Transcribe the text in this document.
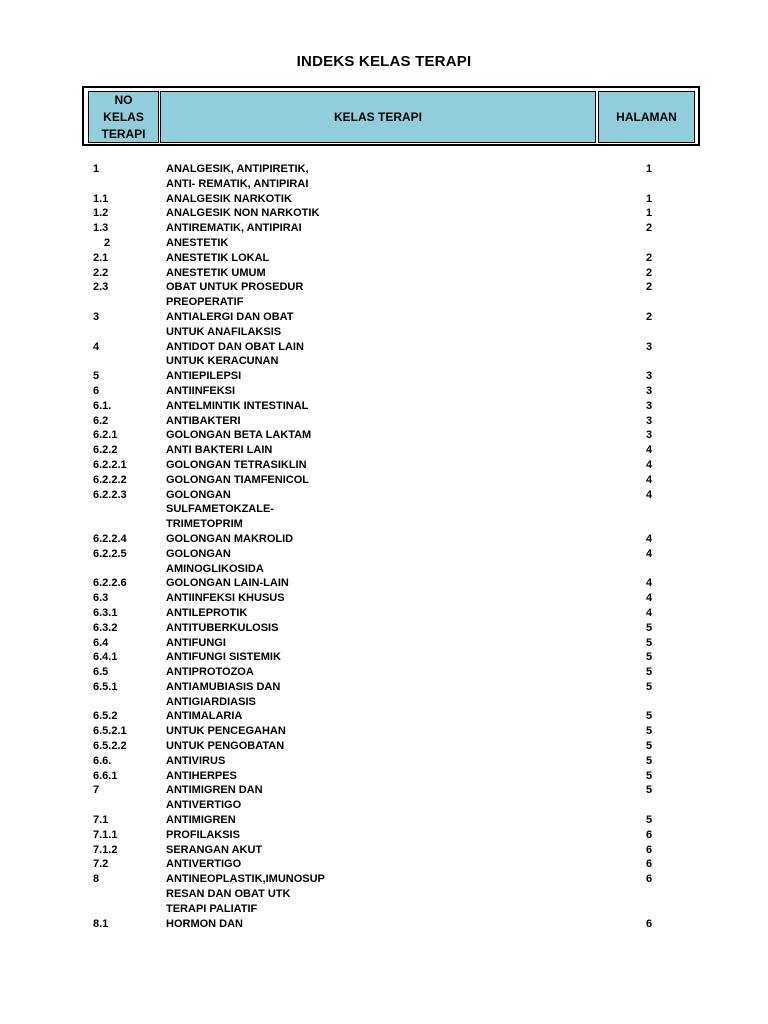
INDEKS KELAS TERAPI
NO
KELAS
TERAPI
KELAS TERAPI	HALAMAN
1	ANALGESIK, ANTIPIRETIK,	1
ANTI- REMATIK, ANTIPIRAI
1.1	ANALGESIK NARKOTIK	1
1.2	ANALGESIK NON NARKOTIK	1
1.3	ANTIREMATIK, ANTIPIRAI	2
2	ANESTETIK
2.1	ANESTETIK LOKAL	2
2.2	ANESTETIK UMUM	2
2.3	OBAT UNTUK PROSEDUR	2
PREOPERATIF
3	ANTIALERGI DAN OBAT	2
UNTUK ANAFILAKSIS
4	ANTIDOT DAN OBAT LAIN	3
UNTUK KERACUNAN
5	ANTIEPILEPSI	3
6	ANTIINFEKSI	3
6.1.	ANTELMINTIK INTESTINAL	3
6.2	ANTIBAKTERI	3
6.2.1	GOLONGAN BETA LAKTAM	3
6.2.2	ANTI BAKTERI LAIN	4
6.2.2.1	GOLONGAN TETRASIKLIN	4
6.2.2.2	GOLONGAN TIAMFENICOL	4
6.2.2.3	GOLONGAN	4
SULFAMETOKZALE-
TRIMETOPRIM
6.2.2.4	GOLONGAN MAKROLID	4
6.2.2.5	GOLONGAN	4
AMINOGLIKOSIDA
6.2.2.6	GOLONGAN LAIN-LAIN	4
6.3	ANTIINFEKSI KHUSUS	4
6.3.1	ANTILEPROTIK	4
6.3.2	ANTITUBERKULOSIS	5
6.4	ANTIFUNGI	5
6.4.1	ANTIFUNGI SISTEMIK	5
6.5	ANTIPROTOZOA	5
6.5.1	ANTIAMUBIASIS DAN	5
ANTIGIARDIASIS
6.5.2	ANTIMALARIA	5
6.5.2.1	UNTUK PENCEGAHAN	5
6.5.2.2	UNTUK PENGOBATAN	5
6.6.	ANTIVIRUS	5
6.6.1	ANTIHERPES	5
7	ANTIMIGREN DAN	5
ANTIVERTIGO
7.1	ANTIMIGREN	5
7.1.1	PROFILAKSIS	6
7.1.2	SERANGAN AKUT	6
7.2	ANTIVERTIGO	6
8	ANTINEOPLASTIK,IMUNOSUP	6
RESAN DAN OBAT UTK
TERAPI PALIATIF
8.1	HORMON DAN	6
